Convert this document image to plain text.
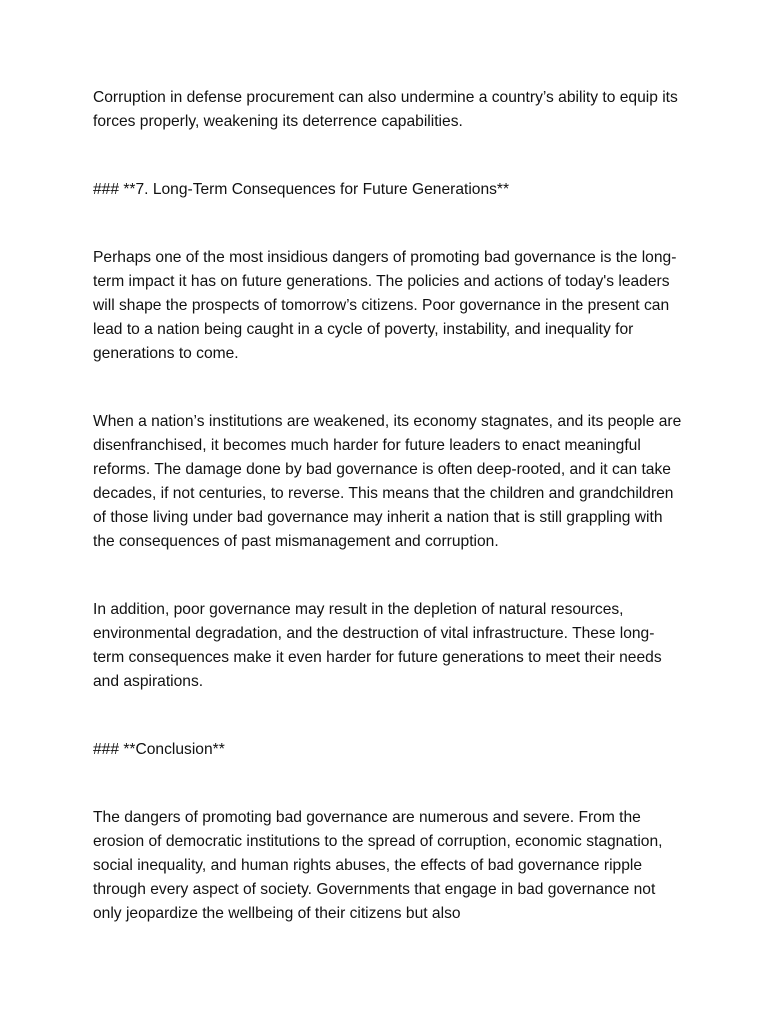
Corruption in defense procurement can also undermine a country’s ability to equip its forces properly, weakening its deterrence capabilities.

### **7. Long-Term Consequences for Future Generations**

Perhaps one of the most insidious dangers of promoting bad governance is the long-term impact it has on future generations. The policies and actions of today's leaders will shape the prospects of tomorrow’s citizens. Poor governance in the present can lead to a nation being caught in a cycle of poverty, instability, and inequality for generations to come.

When a nation’s institutions are weakened, its economy stagnates, and its people are disenfranchised, it becomes much harder for future leaders to enact meaningful reforms. The damage done by bad governance is often deep-rooted, and it can take decades, if not centuries, to reverse. This means that the children and grandchildren of those living under bad governance may inherit a nation that is still grappling with the consequences of past mismanagement and corruption.

In addition, poor governance may result in the depletion of natural resources, environmental degradation, and the destruction of vital infrastructure. These long-term consequences make it even harder for future generations to meet their needs and aspirations.

### **Conclusion**

The dangers of promoting bad governance are numerous and severe. From the erosion of democratic institutions to the spread of corruption, economic stagnation, social inequality, and human rights abuses, the effects of bad governance ripple through every aspect of society. Governments that engage in bad governance not only jeopardize the wellbeing of their citizens but also
